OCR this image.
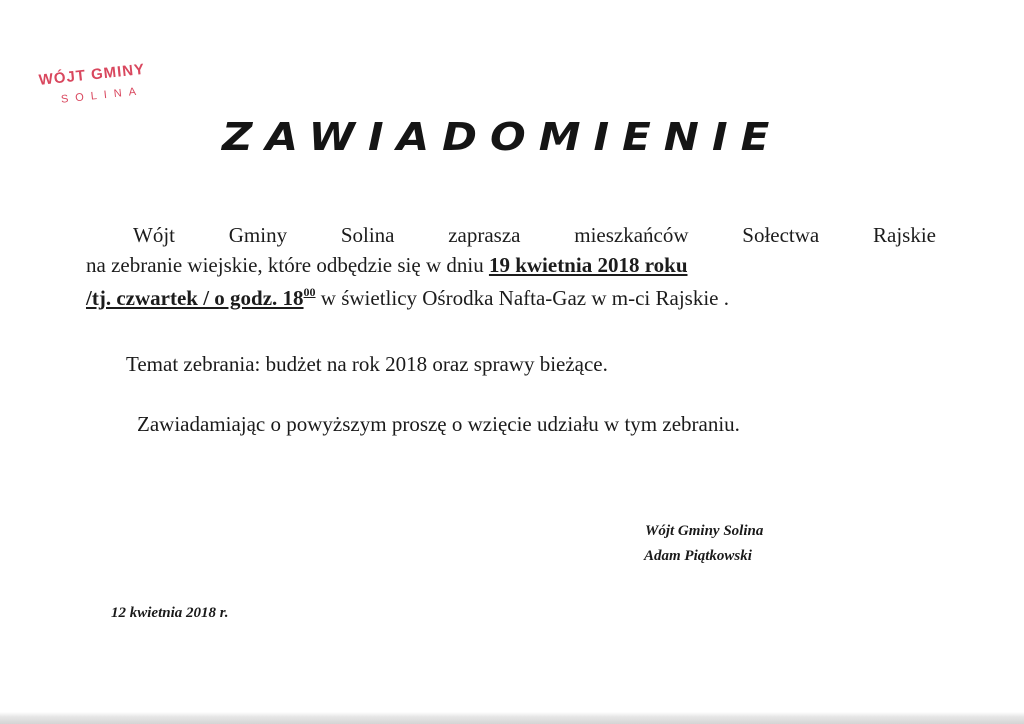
WÓJT GMINY
SOLINA
ZAWIADOMIENIE
Wójt Gminy Solina zaprasza mieszkańców Sołectwa Rajskie
na zebranie wiejskie, które odbędzie się w dniu 19 kwietnia 2018 roku
/tj. czwartek / o godz. $18^{00}$ w świetlicy Ośrodka Nafta-Gaz w m-ci Rajskie .
Temat zebrania: budżet na rok 2018 oraz sprawy bieżące.
Zawiadamiając o powyższym proszę o wzięcie udziału w tym zebraniu.
Wójt Gminy Solina
Adam Piątkowski
12 kwietnia 2018 r.
